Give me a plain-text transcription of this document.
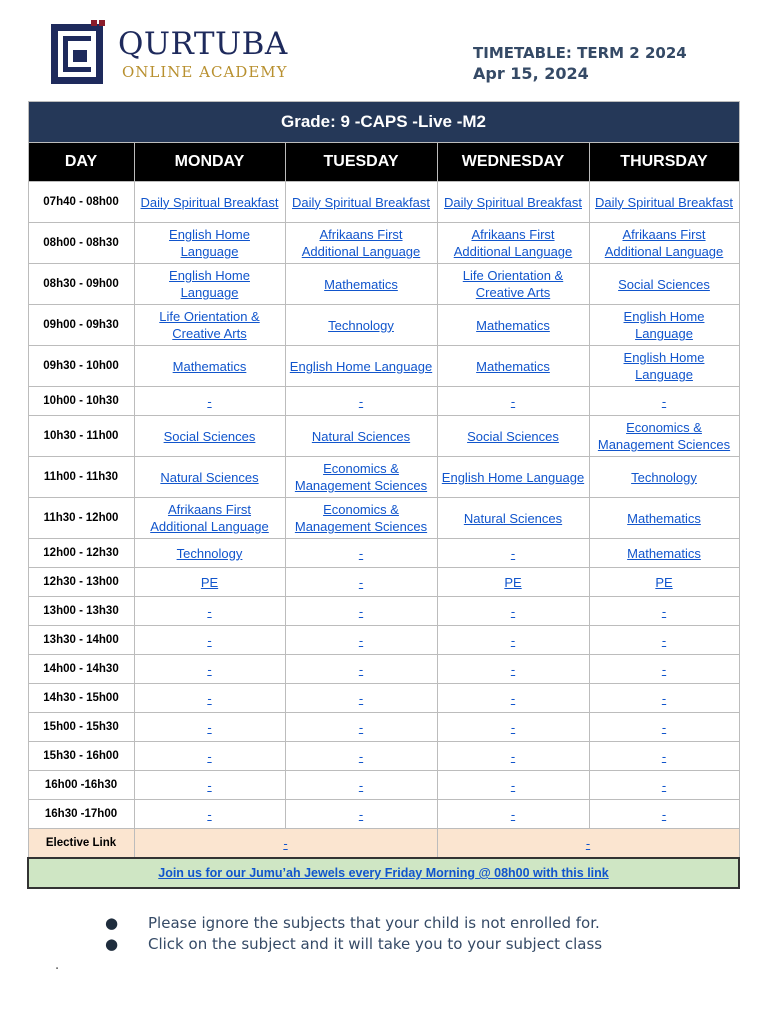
QURTUBA
ONLINE ACADEMY
TIMETABLE: TERM 2 2024
Apr 15, 2024
Grade: 9 -CAPS -Live -M2				
DAY	MONDAY	TUESDAY	WEDNESDAY	THURSDAY
07h40 - 08h00	Daily Spiritual Breakfast	Daily Spiritual Breakfast	Daily Spiritual Breakfast	Daily Spiritual Breakfast
08h00 - 08h30	English Home Language	Afrikaans First Additional Language	Afrikaans First Additional Language	Afrikaans First Additional Language
08h30 - 09h00	English Home Language	Mathematics	Life Orientation & Creative Arts	Social Sciences
09h00 - 09h30	Life Orientation & Creative Arts	Technology	Mathematics	English Home Language
09h30 - 10h00	Mathematics	English Home Language	Mathematics	English Home Language
10h00 - 10h30	-	-	-	-
10h30 - 11h00	Social Sciences	Natural Sciences	Social Sciences	Economics & Management Sciences
11h00 - 11h30	Natural Sciences	Economics & Management Sciences	English Home Language	Technology
11h30 - 12h00	Afrikaans First Additional Language	Economics & Management Sciences	Natural Sciences	Mathematics
12h00 - 12h30	Technology	-	-	Mathematics
12h30 - 13h00	PE	-	PE	PE
13h00 - 13h30	-	-	-	-
13h30 - 14h00	-	-	-	-
14h00 - 14h30	-	-	-	-
14h30 - 15h00	-	-	-	-
15h00 - 15h30	-	-	-	-
15h30 - 16h00	-	-	-	-
16h00 -16h30	-	-	-	-
16h30 -17h00	-	-	-	-
Elective Link	-		-	
Join us for our Jumu’ah Jewels every Friday Morning @ 08h00 with this link				
● Please ignore the subjects that your child is not enrolled for.
● Click on the subject and it will take you to your subject class
.
